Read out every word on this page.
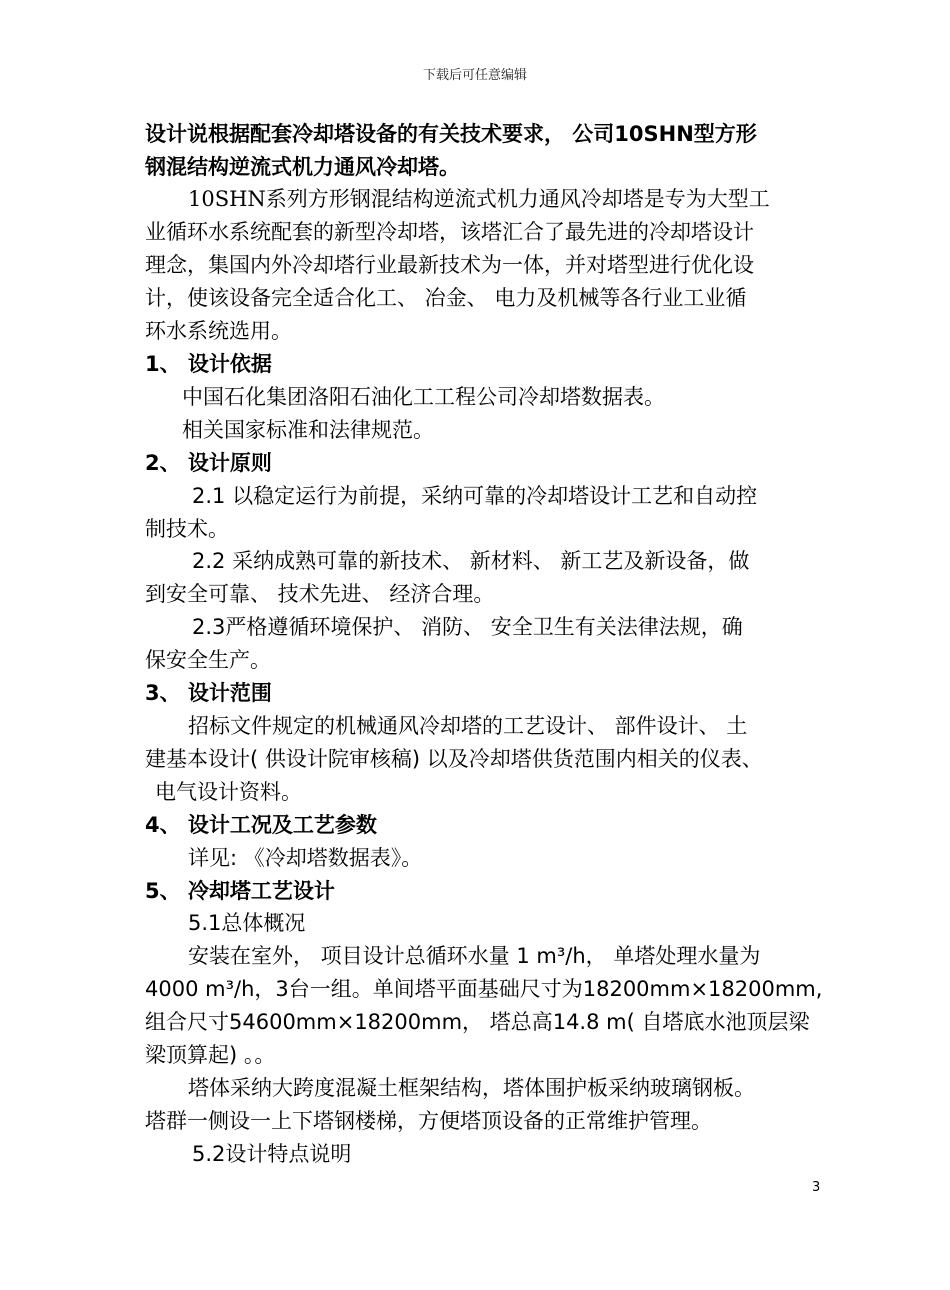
下载后可任意编辑
设计说根据配套冷却塔设备的有关技术要求， 公司10SHN型方形
钢混结构逆流式机力通风冷却塔。
10SHN系列方形钢混结构逆流式机力通风冷却塔是专为大型工
业循环水系统配套的新型冷却塔，该塔汇合了最先进的冷却塔设计
理念，集国内外冷却塔行业最新技术为一体，并对塔型进行优化设
计，使该设备完全适合化工、 冶金、 电力及机械等各行业工业循
环水系统选用。
1、 设计依据
中国石化集团洛阳石油化工工程公司冷却塔数据表。
相关国家标准和法律规范。
2、 设计原则
2.1 以稳定运行为前提，采纳可靠的冷却塔设计工艺和自动控
制技术。
2.2 采纳成熟可靠的新技术、 新材料、 新工艺及新设备，做
到安全可靠、 技术先进、 经济合理。
2.3严格遵循环境保护、 消防、 安全卫生有关法律法规，确
保安全生产。
3、 设计范围
招标文件规定的机械通风冷却塔的工艺设计、 部件设计、 土
建基本设计( 供设计院审核稿) 以及冷却塔供货范围内相关的仪表、
电气设计资料。
4、 设计工况及工艺参数
详见: 《冷却塔数据表》。
5、 冷却塔工艺设计
5.1总体概况
安装在室外， 项目设计总循环水量 1 m³/h， 单塔处理水量为
4000 m³/h，3台一组。单间塔平面基础尺寸为18200mm×18200mm,
组合尺寸54600mm×18200mm， 塔总高14.8 m( 自塔底水池顶层梁
梁顶算起) 。。
塔体采纳大跨度混凝土框架结构，塔体围护板采纳玻璃钢板。
塔群一侧设一上下塔钢楼梯，方便塔顶设备的正常维护管理。
5.2设计特点说明
3
